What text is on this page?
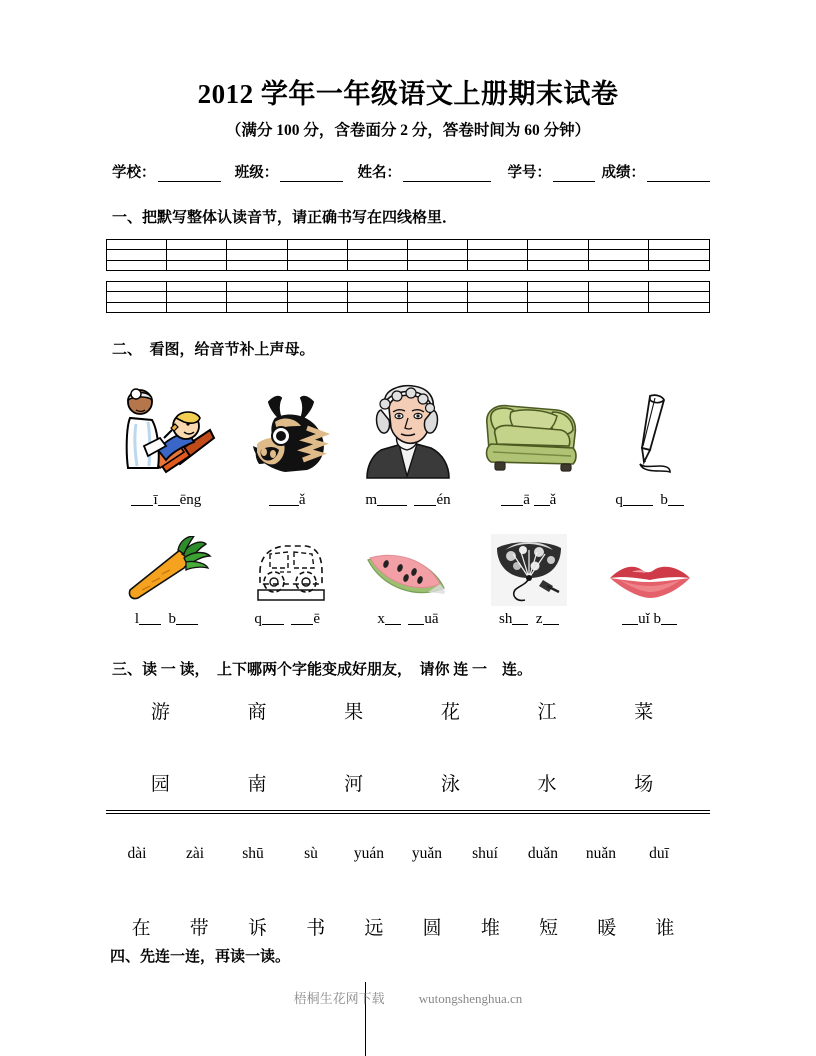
2012 学年一年级语文上册期末试卷
（满分 100 分，含卷面分 2 分，答卷时间为 60 分钟）
学校：	班级：	姓名：	学号：	成绩：
一、把默写整体认读音节，请正确书写在四线格里．
二、　看图，给音节补上声母。
ī ēng	ǎ	m	én	ā ǎ	q	b
l b	q	ē	x	uā	sh z	uǐ b
三、读 一 读，　上下哪两个字能变成好朋友，　请你 连 一　连。
游	商	果	花	江	菜
园	南	河	泳	水	场
dài	zài	shū	sù	yuán	yuǎn	shuí	duǎn	nuǎn	duī
在	带	诉	书	远	圆	堆	短	暖	谁
四、先连一连，再读一读。
梧桐生花网下载	wutongshenghua.cn
